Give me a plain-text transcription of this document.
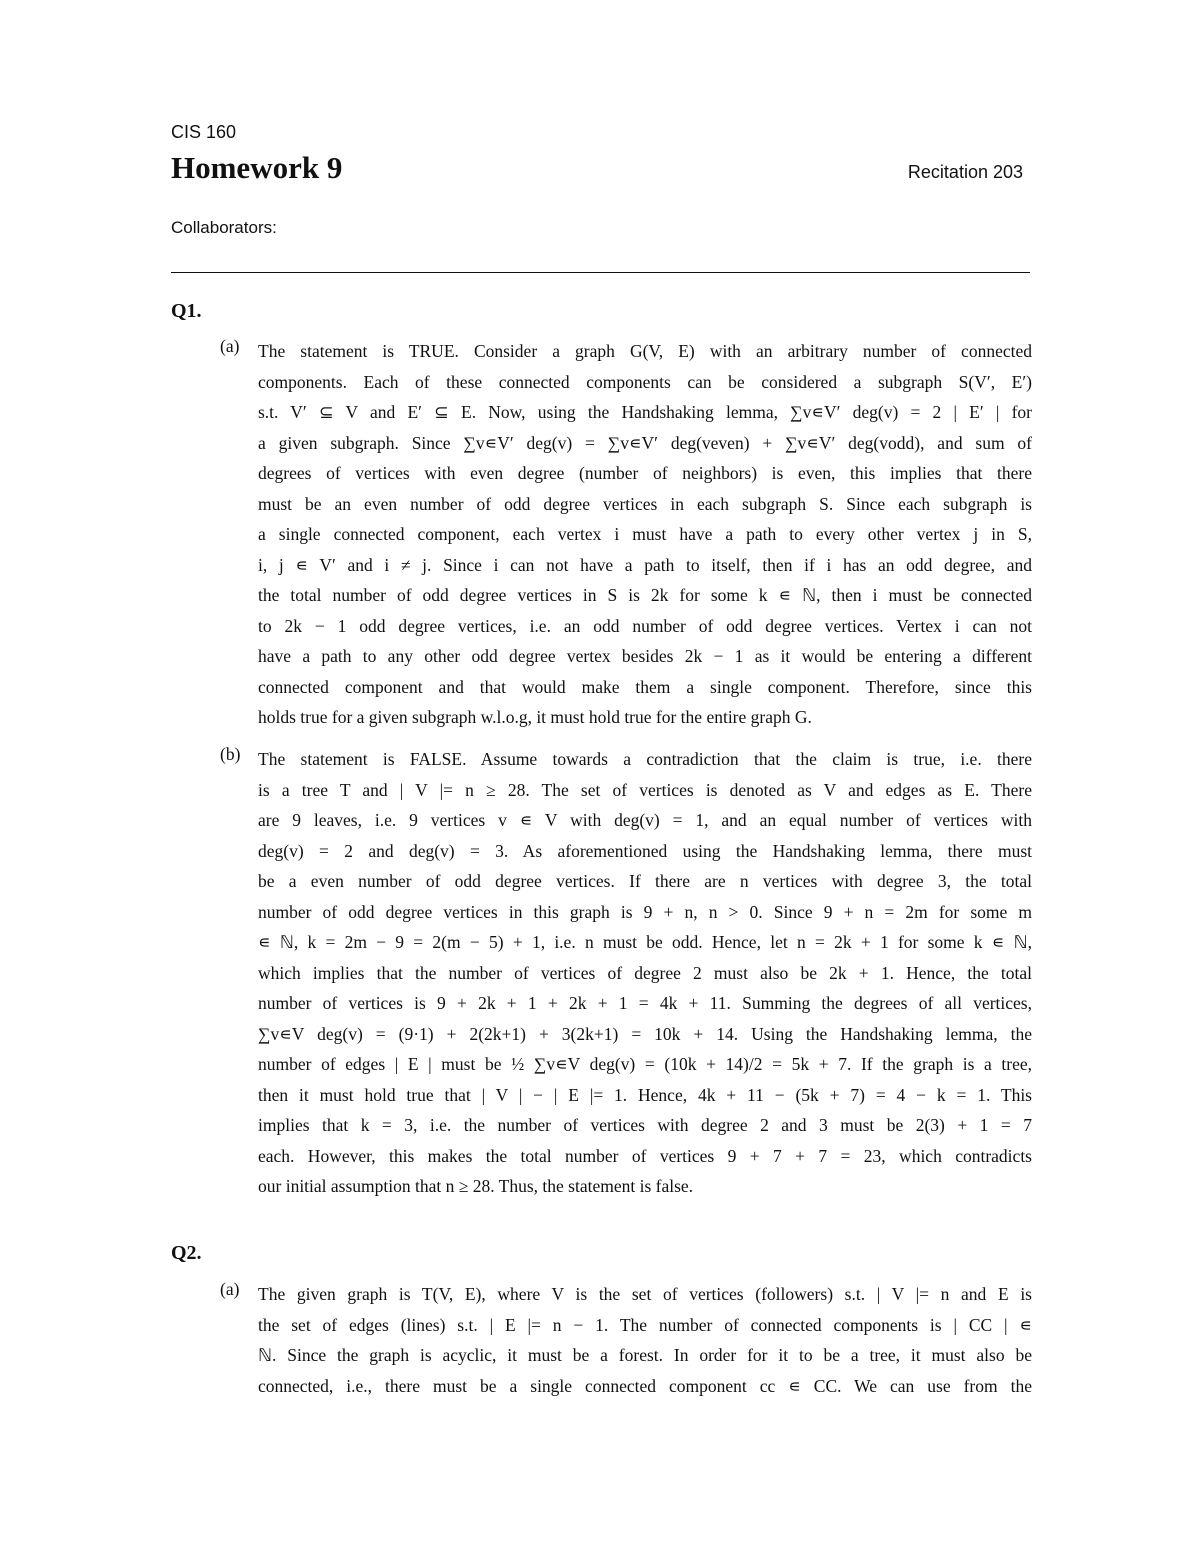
CIS 160
Homework 9	Recitation 203
Collaborators:
Q1.
(a) The statement is TRUE. Consider a graph G(V, E) with an arbitrary number of connected
components. Each of these connected components can be considered a subgraph S(V′, E′)
s.t. V′ ⊆ V and E′ ⊆ E. Now, using the Handshaking lemma, ∑v∊V′ deg(v) = 2 | E′ | for
a given subgraph. Since ∑v∊V′ deg(v) = ∑v∊V′ deg(veven) + ∑v∊V′ deg(vodd), and sum of
degrees of vertices with even degree (number of neighbors) is even, this implies that there
must be an even number of odd degree vertices in each subgraph S. Since each subgraph is
a single connected component, each vertex i must have a path to every other vertex j in S,
i, j ∊ V′ and i ≠ j. Since i can not have a path to itself, then if i has an odd degree, and
the total number of odd degree vertices in S is 2k for some k ∊ ℕ, then i must be connected
to 2k − 1 odd degree vertices, i.e. an odd number of odd degree vertices. Vertex i can not
have a path to any other odd degree vertex besides 2k − 1 as it would be entering a different
connected component and that would make them a single component. Therefore, since this
holds true for a given subgraph w.l.o.g, it must hold true for the entire graph G.
(b) The statement is FALSE. Assume towards a contradiction that the claim is true, i.e. there
is a tree T and | V |= n ≥ 28. The set of vertices is denoted as V and edges as E. There
are 9 leaves, i.e. 9 vertices v ∊ V with deg(v) = 1, and an equal number of vertices with
deg(v) = 2 and deg(v) = 3. As aforementioned using the Handshaking lemma, there must
be a even number of odd degree vertices. If there are n vertices with degree 3, the total
number of odd degree vertices in this graph is 9 + n, n > 0. Since 9 + n = 2m for some m
∊ ℕ, k = 2m − 9 = 2(m − 5) + 1, i.e. n must be odd. Hence, let n = 2k + 1 for some k ∊ ℕ,
which implies that the number of vertices of degree 2 must also be 2k + 1. Hence, the total
number of vertices is 9 + 2k + 1 + 2k + 1 = 4k + 11. Summing the degrees of all vertices,
∑v∊V deg(v) = (9·1) + 2(2k+1) + 3(2k+1) = 10k + 14. Using the Handshaking lemma, the
number of edges | E | must be ½ ∑v∊V deg(v) = (10k + 14)/2 = 5k + 7. If the graph is a tree,
then it must hold true that | V | − | E |= 1. Hence, 4k + 11 − (5k + 7) = 4 − k = 1. This
implies that k = 3, i.e. the number of vertices with degree 2 and 3 must be 2(3) + 1 = 7
each. However, this makes the total number of vertices 9 + 7 + 7 = 23, which contradicts
our initial assumption that n ≥ 28. Thus, the statement is false.
Q2.
(a) The given graph is T(V, E), where V is the set of vertices (followers) s.t. | V |= n and E is
the set of edges (lines) s.t. | E |= n − 1. The number of connected components is | CC | ∊
ℕ. Since the graph is acyclic, it must be a forest. In order for it to be a tree, it must also be
connected, i.e., there must be a single connected component cc ∊ CC. We can use from the
